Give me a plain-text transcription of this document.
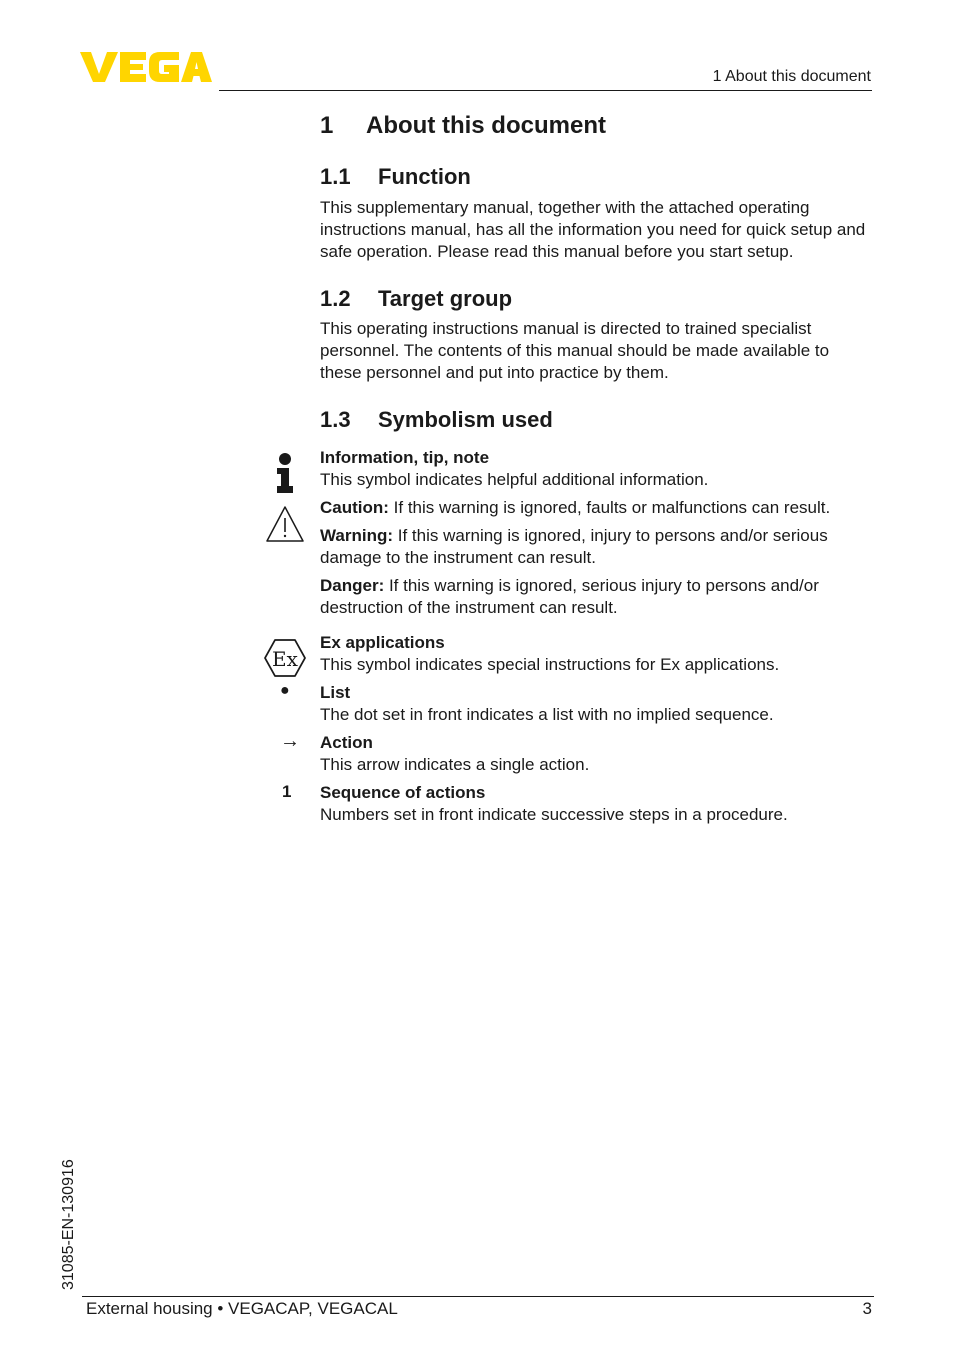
1 About this document
1 About this document
1.1 Function

This supplementary manual, together with the attached operating instructions manual, has all the information you need for quick setup and safe operation. Please read this manual before you start setup.

1.2 Target group

This operating instructions manual is directed to trained specialist personnel. The contents of this manual should be made available to these personnel and put into practice by them.

1.3 Symbolism used
Information, tip, note
This symbol indicates helpful additional information.
Caution: If this warning is ignored, faults or malfunctions can result.
Warning: If this warning is ignored, injury to persons and/or serious damage to the instrument can result.
Danger: If this warning is ignored, serious injury to persons and/or destruction of the instrument can result.
Ex applications
This symbol indicates special instructions for Ex applications.
List
The dot set in front indicates a list with no implied sequence.
Action
This arrow indicates a single action.
Sequence of actions
Numbers set in front indicate successive steps in a procedure.
Ex
●
→
1
31085-EN-130916
External housing • VEGACAP, VEGACAL	3
